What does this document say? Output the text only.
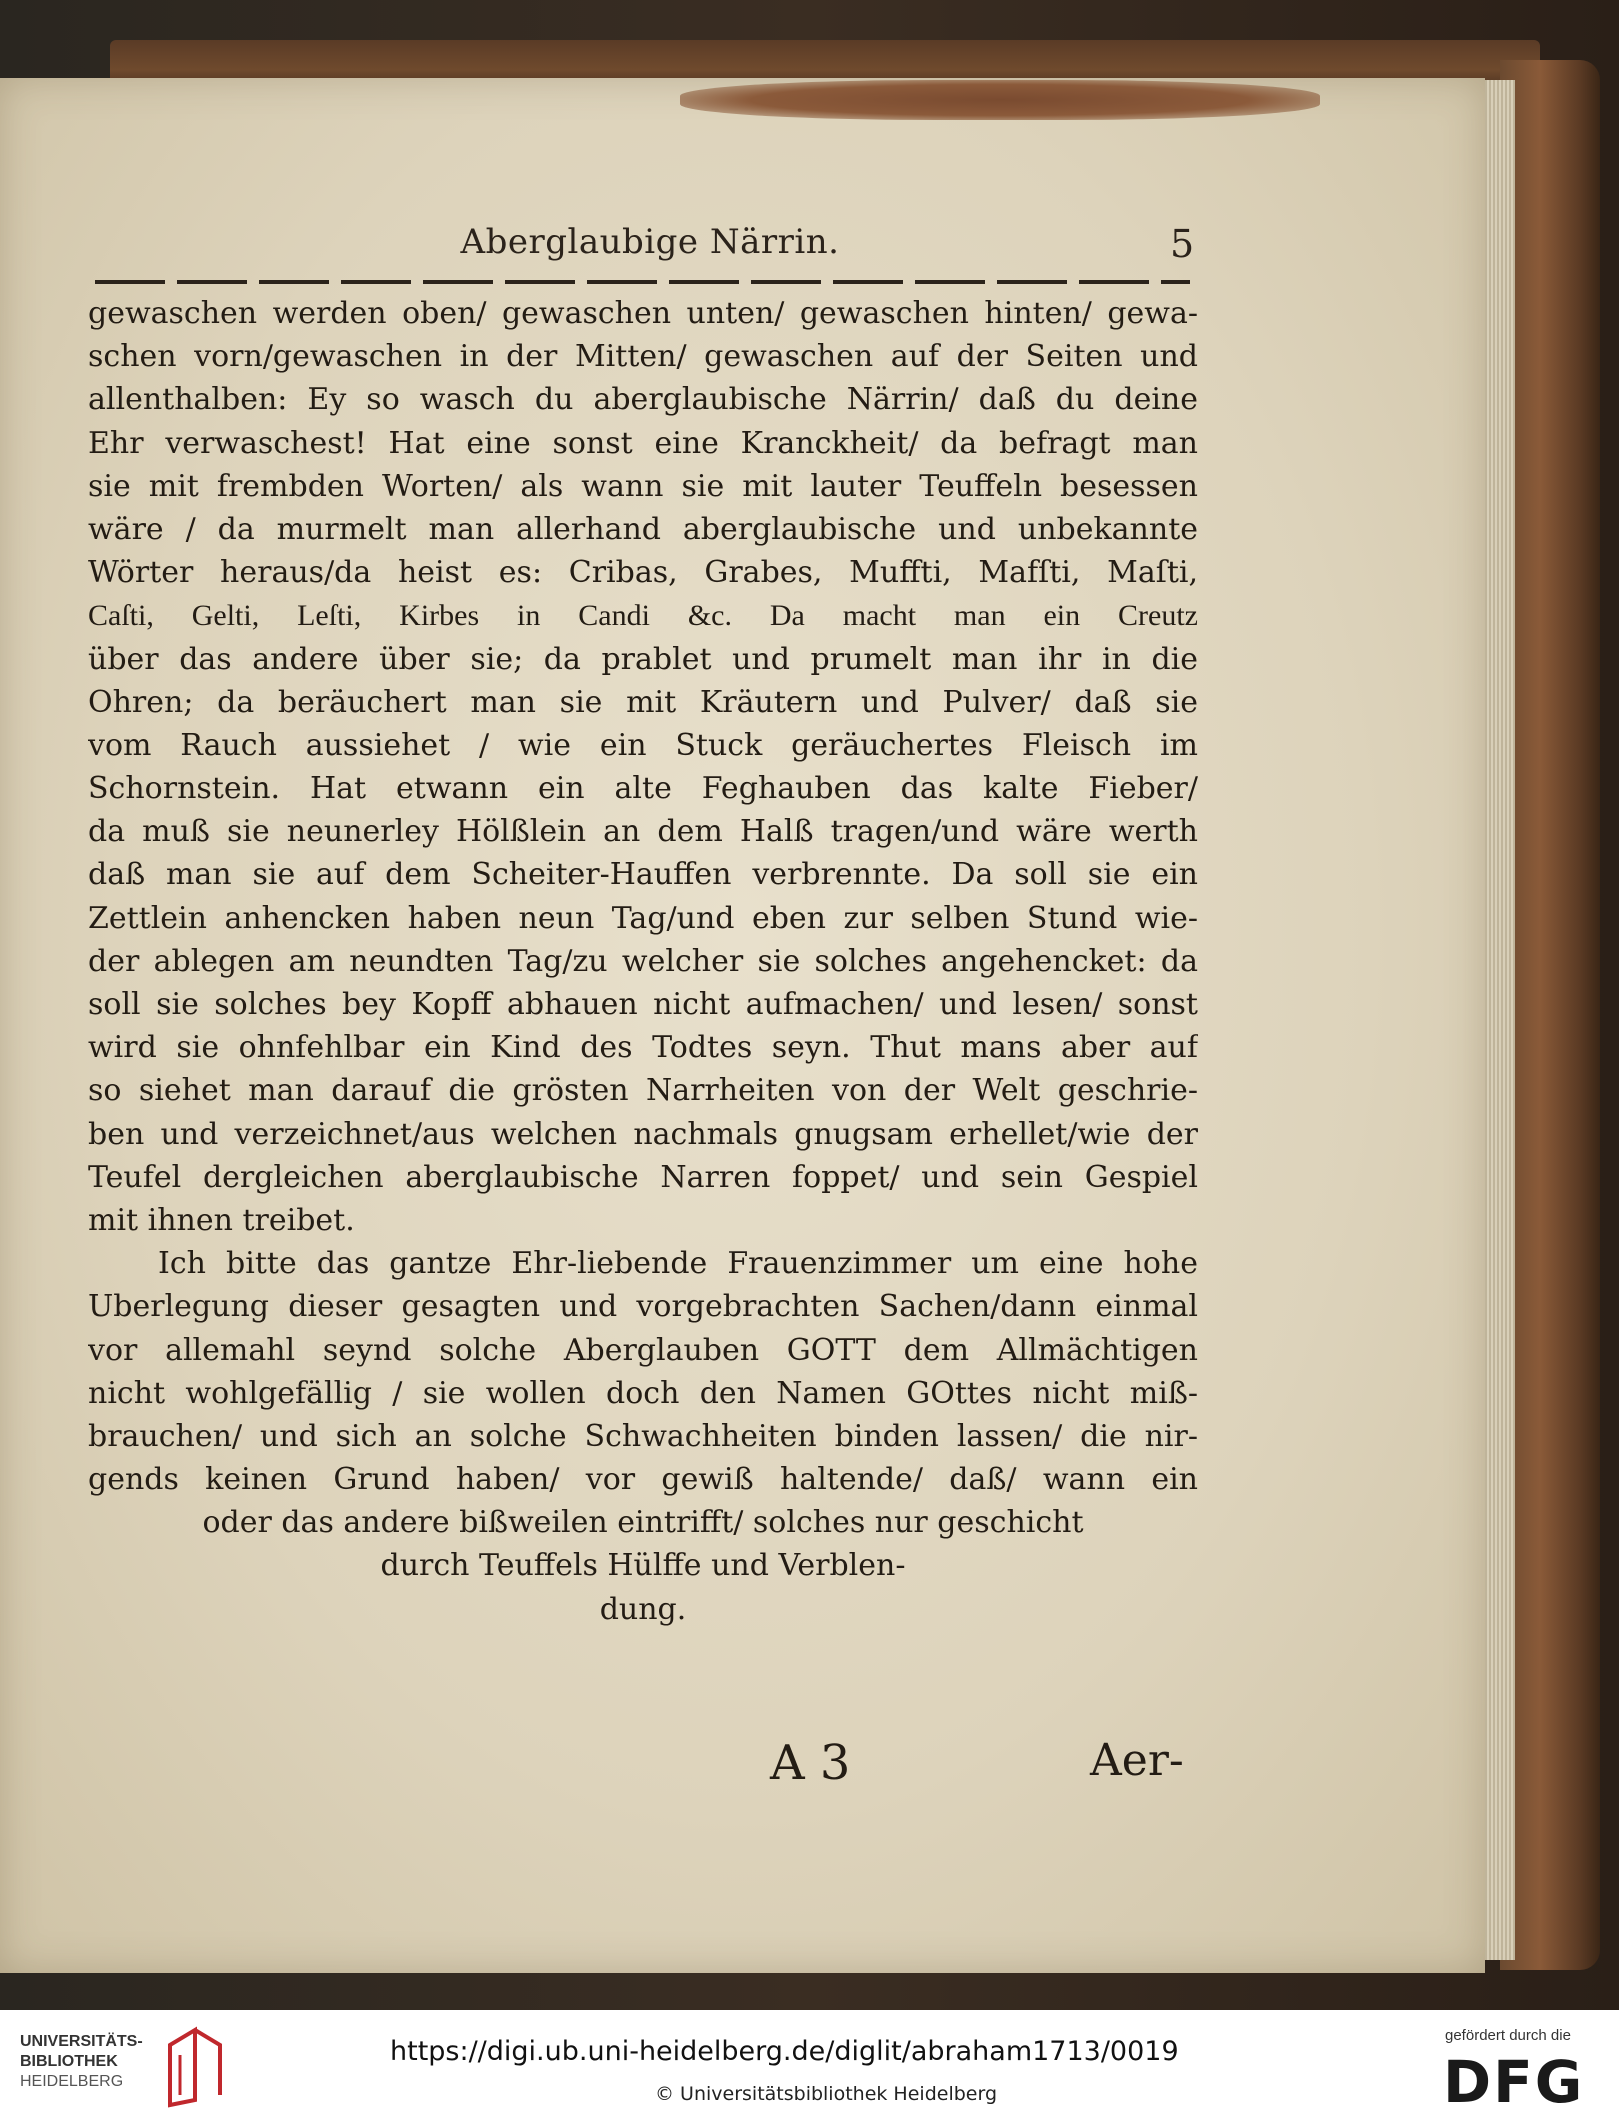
Aberglaubige Närrin.	5
gewaschen werden oben/ gewaschen unten/ gewaschen hinten/ gewa-
schen vorn/gewaschen in der Mitten/ gewaschen auf der Seiten und
allenthalben: Ey so wasch du aberglaubische Närrin/ daß du deine
Ehr verwaschest! Hat eine sonst eine Kranckheit/ da befragt man
sie mit frembden Worten/ als wann sie mit lauter Teuffeln besessen
wäre / da murmelt man allerhand aberglaubische und unbekannte
Wörter heraus/da heist es: Cribas, Grabes, Muffti, Mafſti, Maſti,
Caſti, Gelti, Leſti, Kirbes in Candi &c. Da macht man ein Creutz
über das andere über sie; da prablet und prumelt man ihr in die
Ohren; da beräuchert man sie mit Kräutern und Pulver/ daß sie
vom Rauch aussiehet / wie ein Stuck geräuchertes Fleisch im
Schornstein. Hat etwann ein alte Feghauben das kalte Fieber/
da muß sie neunerley Hölßlein an dem Halß tragen/und wäre werth
daß man sie auf dem Scheiter-Hauffen verbrennte. Da soll sie ein
Zettlein anhencken haben neun Tag/und eben zur selben Stund wie-
der ablegen am neundten Tag/zu welcher sie solches angehencket: da
soll sie solches bey Kopff abhauen nicht aufmachen/ und lesen/ sonst
wird sie ohnfehlbar ein Kind des Todtes seyn. Thut mans aber auf
so siehet man darauf die grösten Narrheiten von der Welt geschrie-
ben und verzeichnet/aus welchen nachmals gnugsam erhellet/wie der
Teufel dergleichen aberglaubische Narren foppet/ und sein Gespiel
mit ihnen treibet.
Ich bitte das gantze Ehr-liebende Frauenzimmer um eine hohe
Uberlegung dieser gesagten und vorgebrachten Sachen/dann einmal
vor allemahl seynd solche Aberglauben GOTT dem Allmächtigen
nicht wohlgefällig / sie wollen doch den Namen GOttes nicht miß-
brauchen/ und sich an solche Schwachheiten binden lassen/ die nir-
gends keinen Grund haben/ vor gewiß haltende/ daß/ wann ein
oder das andere bißweilen eintrifft/ solches nur geschicht
durch Teuffels Hülffe und Verblen-
dung.
A 3	Aer-
UNIVERSITÄTS-
BIBLIOTHEK
HEIDELBERG
https://digi.ub.uni-heidelberg.de/diglit/abraham1713/0019
© Universitätsbibliothek Heidelberg
gefördert durch die
DFG
